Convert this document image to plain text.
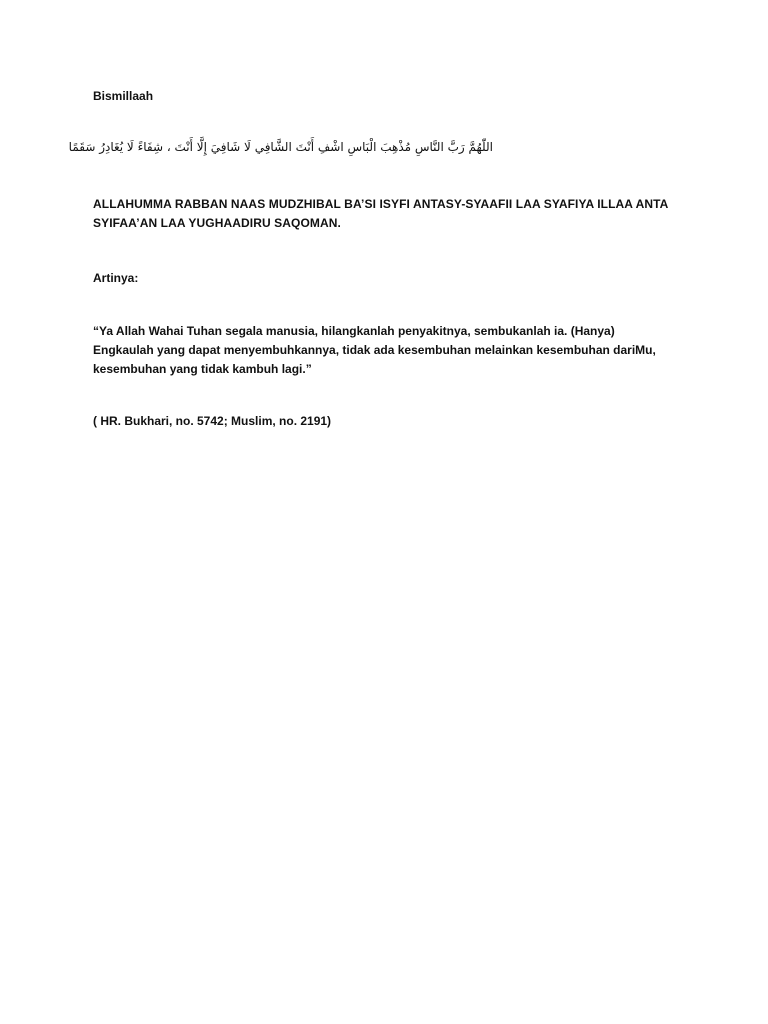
Bismillaah
اللّٰهُمَّ رَبَّ النَّاسِ مُذْهِبَ الْبَاسِ اشْفِ أَنْتَ الشَّافِي لَا شَافِيَ إِلَّا أَنْتَ ، شِفَاءً لَا يُغَادِرُ سَقَمًا
ALLAHUMMA RABBAN NAAS MUDZHIBAL BA’SI ISYFI ANTASY-SYAAFII LAA SYAFIYA ILLAA ANTA
SYIFAA’AN LAA YUGHAADIRU SAQOMAN.
Artinya:
“Ya Allah Wahai Tuhan segala manusia, hilangkanlah penyakitnya, sembukanlah ia. (Hanya)
Engkaulah yang dapat menyembuhkannya, tidak ada kesembuhan melainkan kesembuhan dariMu,
kesembuhan yang tidak kambuh lagi.”
( HR. Bukhari, no. 5742; Muslim, no. 2191)
